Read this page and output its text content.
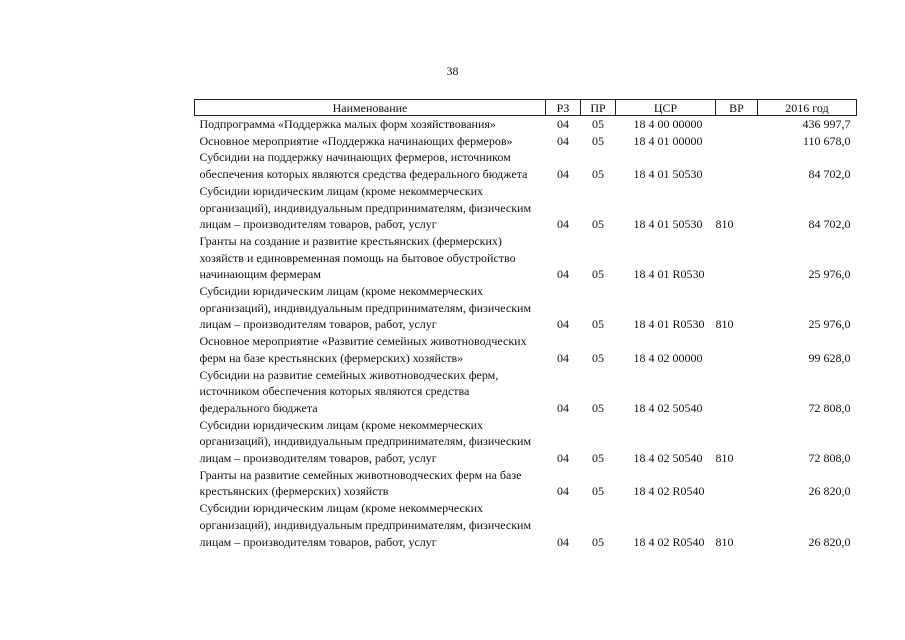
38
Наименование	РЗ	ПР	ЦСР	ВР	2016 год
Подпрограмма «Поддержка малых форм хозяйствования»	04	05	18 4 00 00000		436 997,7
Основное мероприятие «Поддержка начинающих фермеров»	04	05	18 4 01 00000		110 678,0
Субсидии на поддержку начинающих фермеров, источником обеспечения которых являются средства федерального бюджета	04	05	18 4 01 50530		84 702,0
Субсидии юридическим лицам (кроме некоммерческих организаций), индивидуальным предпринимателям, физическим лицам – производителям товаров, работ, услуг	04	05	18 4 01 50530	810	84 702,0
Гранты на создание и развитие крестьянских (фермерских) хозяйств и единовременная помощь на бытовое обустройство начинающим фермерам	04	05	18 4 01 R0530		25 976,0
Субсидии юридическим лицам (кроме некоммерческих организаций), индивидуальным предпринимателям, физическим лицам – производителям товаров, работ, услуг	04	05	18 4 01 R0530	810	25 976,0
Основное мероприятие «Развитие семейных животноводческих ферм на базе крестьянских (фермерских) хозяйств»	04	05	18 4 02 00000		99 628,0
Субсидии на развитие семейных животноводческих ферм, источником обеспечения которых являются средства федерального бюджета	04	05	18 4 02 50540		72 808,0
Субсидии юридическим лицам (кроме некоммерческих организаций), индивидуальным предпринимателям, физическим лицам – производителям товаров, работ, услуг	04	05	18 4 02 50540	810	72 808,0
Гранты на развитие семейных животноводческих ферм на базе крестьянских (фермерских) хозяйств	04	05	18 4 02 R0540		26 820,0
Субсидии юридическим лицам (кроме некоммерческих организаций), индивидуальным предпринимателям, физическим лицам – производителям товаров, работ, услуг	04	05	18 4 02 R0540	810	26 820,0
